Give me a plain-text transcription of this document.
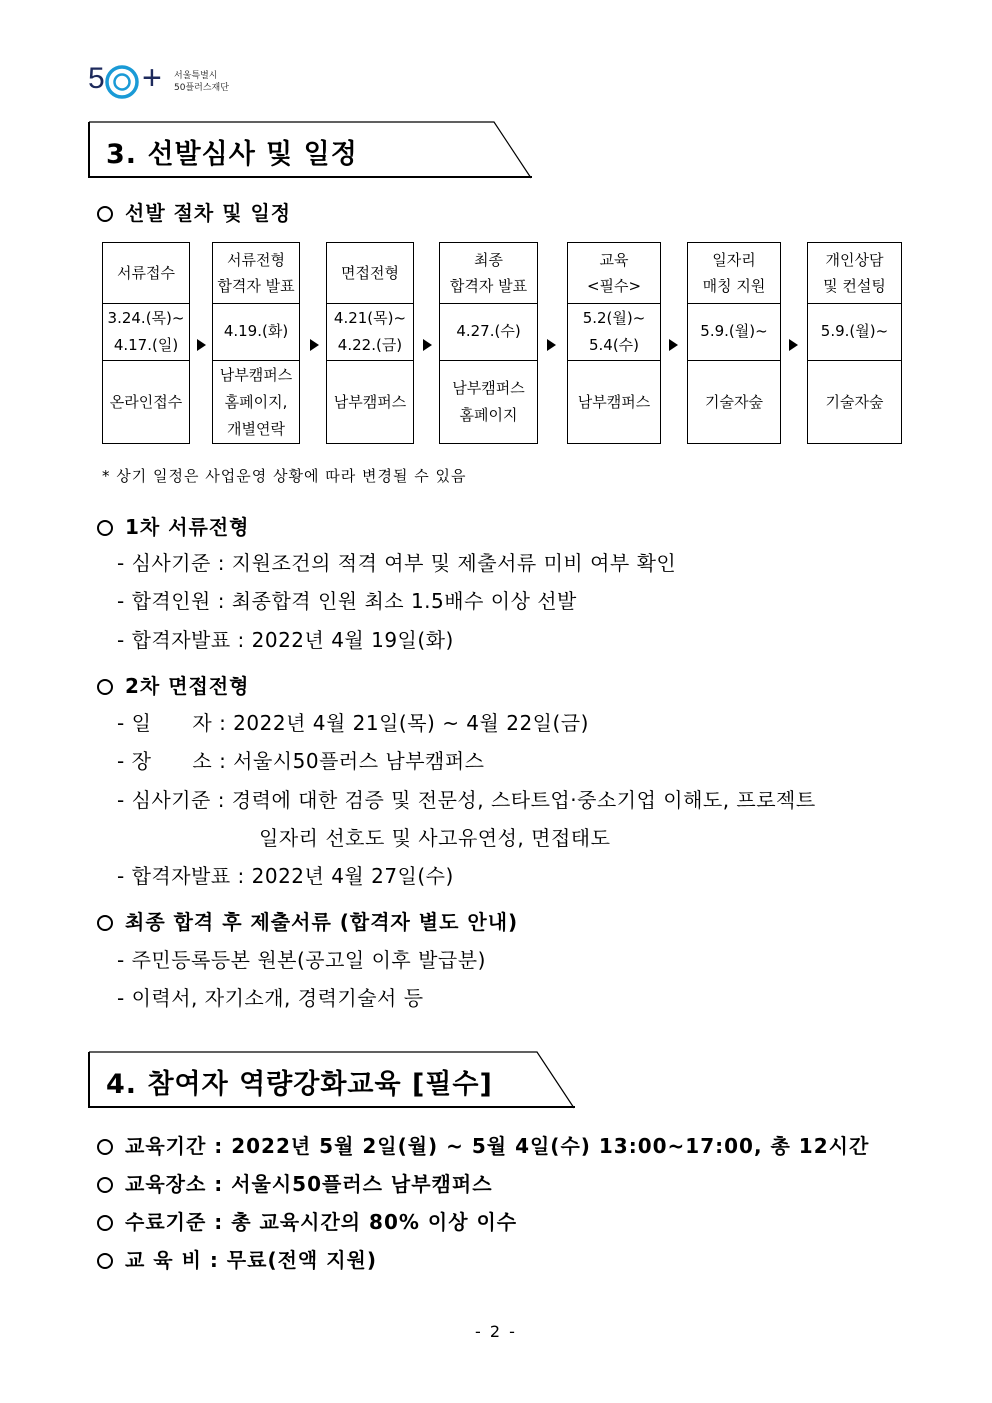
5 + 서울특별시
50플러스재단
3. 선발심사 및 일정
선발 절차 및 일정
서류접수
3.24.(목)~
4.17.(일)
온라인접수
서류전형
합격자 발표
4.19.(화)
남부캠퍼스
홈페이지,
개별연락
면접전형
4.21(목)~
4.22.(금)
남부캠퍼스
최종
합격자 발표
4.27.(수)
남부캠퍼스
홈페이지
교육
<필수>
5.2(월)~
5.4(수)
남부캠퍼스
일자리
매칭 지원
5.9.(월)~
기술자숲
개인상담
및 컨설팅
5.9.(월)~
기술자숲
* 상기 일정은 사업운영 상황에 따라 변경될 수 있음
1차 서류전형
- 심사기준 : 지원조건의 적격 여부 및 제출서류 미비 여부 확인
- 합격인원 : 최종합격 인원 최소 1.5배수 이상 선발
- 합격자발표 : 2022년 4월 19일(화)
2차 면접전형
- 일　　자 : 2022년 4월 21일(목) ~ 4월 22일(금)
- 장　　소 : 서울시50플러스 남부캠퍼스
- 심사기준 : 경력에 대한 검증 및 전문성, 스타트업·중소기업 이해도, 프로젝트
일자리 선호도 및 사고유연성, 면접태도
- 합격자발표 : 2022년 4월 27일(수)
최종 합격 후 제출서류 (합격자 별도 안내)
- 주민등록등본 원본(공고일 이후 발급분)
- 이력서, 자기소개, 경력기술서 등
4. 참여자 역량강화교육 [필수]
교육기간 : 2022년 5월 2일(월) ~ 5월 4일(수) 13:00~17:00, 총 12시간
교육장소 : 서울시50플러스 남부캠퍼스
수료기준 : 총 교육시간의 80% 이상 이수
교 육 비 : 무료(전액 지원)
- 2 -
